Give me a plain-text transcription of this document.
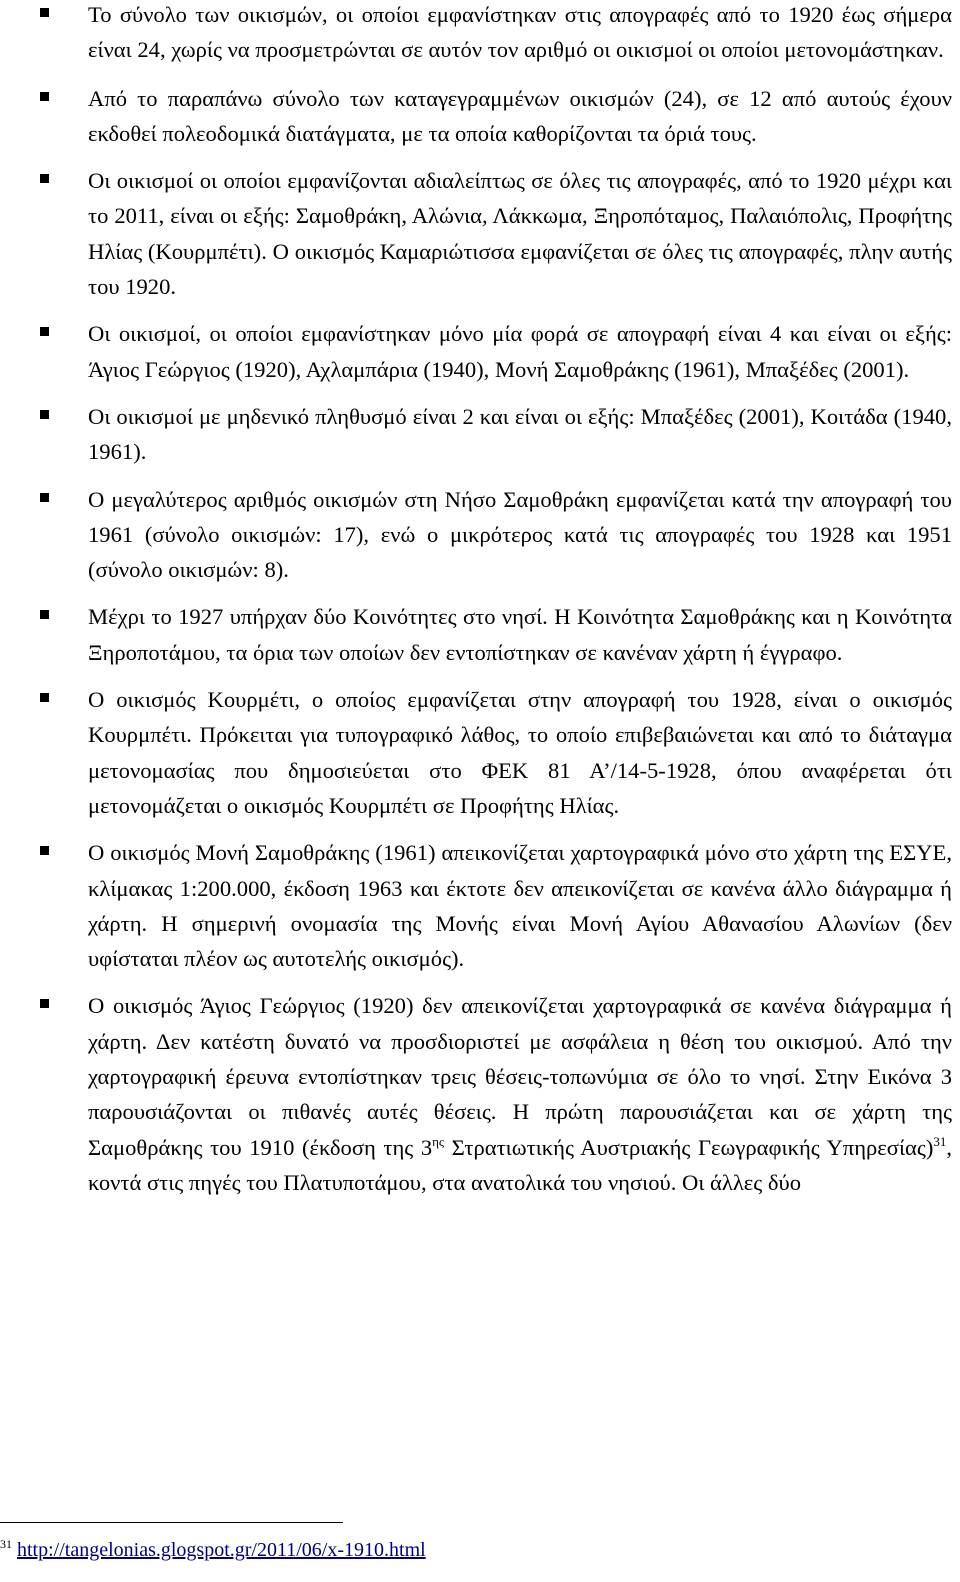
Το σύνολο των οικισμών, οι οποίοι εμφανίστηκαν στις απογραφές από το 1920 έως σήμερα είναι 24, χωρίς να προσμετρώνται σε αυτόν τον αριθμό οι οικισμοί οι οποίοι μετονομάστηκαν.
Από το παραπάνω σύνολο των καταγεγραμμένων οικισμών (24), σε 12 από αυτούς έχουν εκδοθεί πολεοδομικά διατάγματα, με τα οποία καθορίζονται τα όριά τους.
Οι οικισμοί οι οποίοι εμφανίζονται αδιαλείπτως σε όλες τις απογραφές, από το 1920 μέχρι και το 2011, είναι οι εξής: Σαμοθράκη, Αλώνια, Λάκκωμα, Ξηροπόταμος, Παλαιόπολις, Προφήτης Ηλίας (Κουρμπέτι). Ο οικισμός Καμαριώτισσα εμφανίζεται σε όλες τις απογραφές, πλην αυτής του 1920.
Οι οικισμοί, οι οποίοι εμφανίστηκαν μόνο μία φορά σε απογραφή είναι 4 και είναι οι εξής: Άγιος Γεώργιος (1920), Αχλαμπάρια (1940), Μονή Σαμοθράκης (1961), Μπαξέδες (2001).
Οι οικισμοί με μηδενικό πληθυσμό είναι 2 και είναι οι εξής: Μπαξέδες (2001), Κοιτάδα (1940, 1961).
Ο μεγαλύτερος αριθμός οικισμών στη Νήσο Σαμοθράκη εμφανίζεται κατά την απογραφή του 1961 (σύνολο οικισμών: 17), ενώ ο μικρότερος κατά τις απογραφές του 1928 και 1951 (σύνολο οικισμών: 8).
Μέχρι το 1927 υπήρχαν δύο Κοινότητες στο νησί. Η Κοινότητα Σαμοθράκης και η Κοινότητα Ξηροποτάμου, τα όρια των οποίων δεν εντοπίστηκαν σε κανέναν χάρτη ή έγγραφο.
Ο οικισμός Κουρμέτι, ο οποίος εμφανίζεται στην απογραφή του 1928, είναι ο οικισμός Κουρμπέτι. Πρόκειται για τυπογραφικό λάθος, το οποίο επιβεβαιώνεται και από το διάταγμα μετονομασίας που δημοσιεύεται στο ΦΕΚ 81 Α’/14-5-1928, όπου αναφέρεται ότι μετονομάζεται ο οικισμός Κουρμπέτι σε Προφήτης Ηλίας.
Ο οικισμός Μονή Σαμοθράκης (1961) απεικονίζεται χαρτογραφικά μόνο στο χάρτη της ΕΣΥΕ, κλίμακας 1:200.000, έκδοση 1963 και έκτοτε δεν απεικονίζεται σε κανένα άλλο διάγραμμα ή χάρτη. Η σημερινή ονομασία της Μονής είναι Μονή Αγίου Αθανασίου Αλωνίων (δεν υφίσταται πλέον ως αυτοτελής οικισμός).
Ο οικισμός Άγιος Γεώργιος (1920) δεν απεικονίζεται χαρτογραφικά σε κανένα διάγραμμα ή χάρτη. Δεν κατέστη δυνατό να προσδιοριστεί με ασφάλεια η θέση του οικισμού. Από την χαρτογραφική έρευνα εντοπίστηκαν τρεις θέσεις-τοπωνύμια σε όλο το νησί. Στην Εικόνα 3 παρουσιάζονται οι πιθανές αυτές θέσεις. Η πρώτη παρουσιάζεται και σε χάρτη της Σαμοθράκης του 1910 (έκδοση της $3^{\eta\varsigma}$ Στρατιωτικής Αυστριακής Γεωγραφικής Υπηρεσίας)$^{31}$, κοντά στις πηγές του Πλατυποτάμου, στα ανατολικά του νησιού. Οι άλλες δύο
$^{31}$ http://tangelonias.glogspot.gr/2011/06/x-1910.html
